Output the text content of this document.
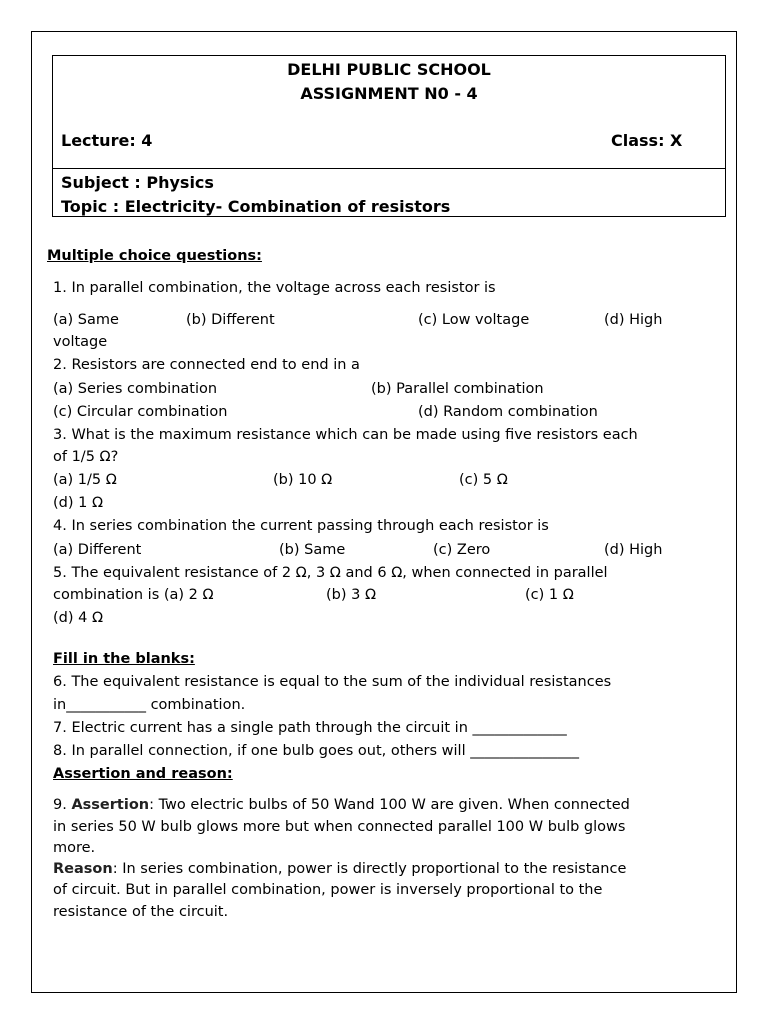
DELHI PUBLIC SCHOOL
ASSIGNMENT N0 - 4
Lecture: 4	Class: X
Subject : Physics
Topic : Electricity- Combination of resistors
Multiple choice questions:
1. In parallel combination, the voltage across each resistor is
(a) Same	(b) Different	(c) Low voltage	(d) High
voltage
2. Resistors are connected end to end in a
(a) Series combination	(b) Parallel combination
(c) Circular combination	(d) Random combination
3. What is the maximum resistance which can be made using five resistors each
of 1/5 Ω?
(a) 1/5 Ω	(b) 10 Ω	(c) 5 Ω
(d) 1 Ω
4. In series combination the current passing through each resistor is
(a) Different	(b) Same	(c) Zero	(d) High
5. The equivalent resistance of 2 Ω, 3 Ω and 6 Ω, when connected in parallel
combination is (a) 2 Ω	(b) 3 Ω	(c) 1 Ω
(d) 4 Ω
Fill in the blanks:
6. The equivalent resistance is equal to the sum of the individual resistances
in___________ combination.
7. Electric current has a single path through the circuit in _____________
8. In parallel connection, if one bulb goes out, others will _______________
Assertion and reason:
9. Assertion: Two electric bulbs of 50 Wand 100 W are given. When connected
in series 50 W bulb glows more but when connected parallel 100 W bulb glows
more.
Reason: In series combination, power is directly proportional to the resistance
of circuit. But in parallel combination, power is inversely proportional to the
resistance of the circuit.
